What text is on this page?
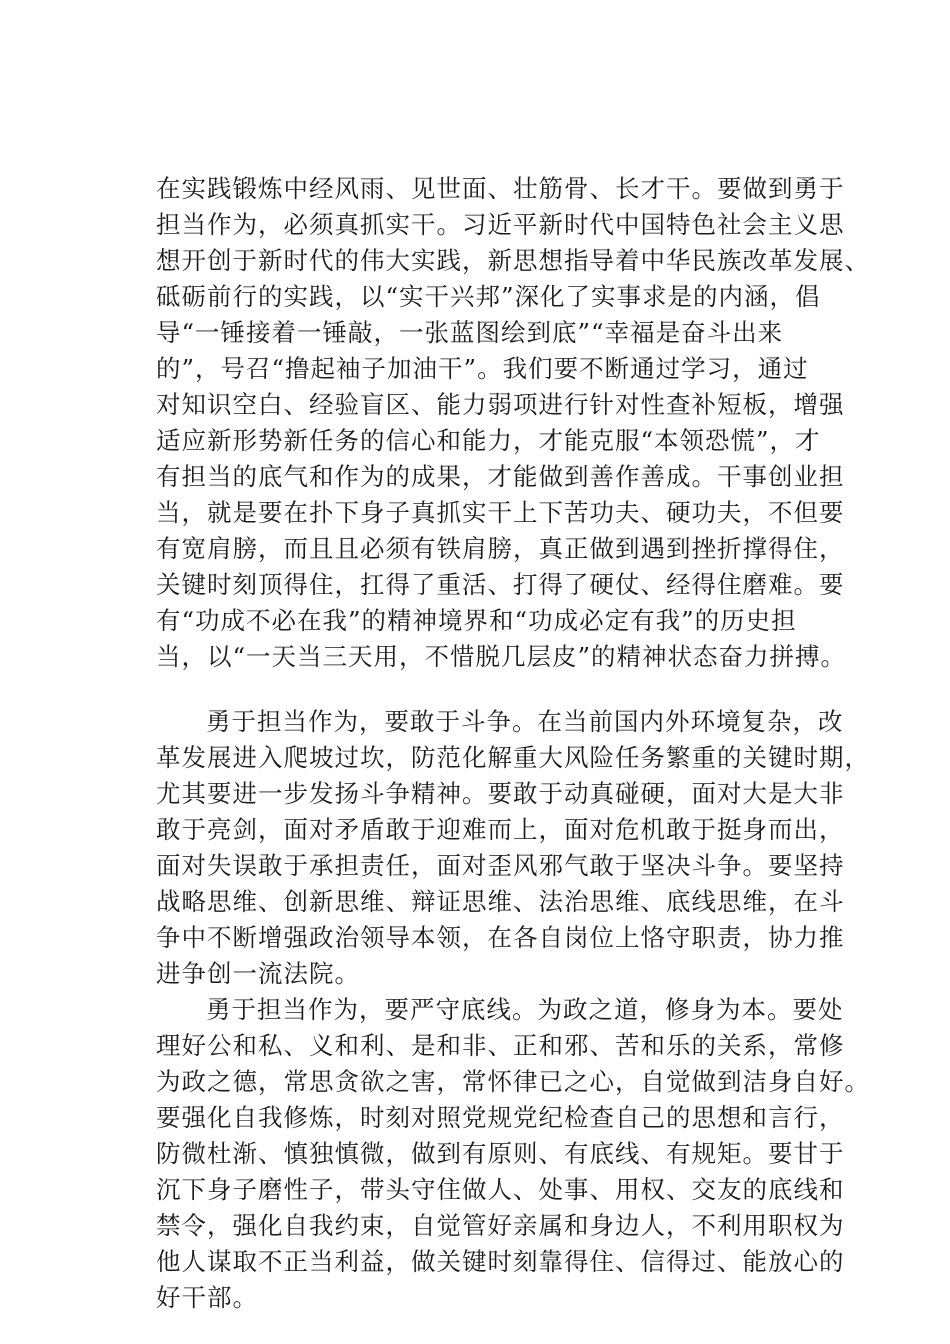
在实践锻炼中经风雨、见世面、壮筋骨、长才干。要做到勇于
担当作为，必须真抓实干。习近平新时代中国特色社会主义思
想开创于新时代的伟大实践，新思想指导着中华民族改革发展、
砥砺前行的实践，以“实干兴邦”深化了实事求是的内涵，倡
导“一锤接着一锤敲，一张蓝图绘到底”“幸福是奋斗出来
的”，号召“撸起袖子加油干”。我们要不断通过学习，通过
对知识空白、经验盲区、能力弱项进行针对性查补短板，增强
适应新形势新任务的信心和能力，才能克服“本领恐慌”，才
有担当的底气和作为的成果，才能做到善作善成。干事创业担
当，就是要在扑下身子真抓实干上下苦功夫、硬功夫，不但要
有宽肩膀，而且且必须有铁肩膀，真正做到遇到挫折撑得住，
关键时刻顶得住，扛得了重活、打得了硬仗、经得住磨难。要
有“功成不必在我”的精神境界和“功成必定有我”的历史担
当，以“一天当三天用，不惜脱几层皮”的精神状态奋力拼搏。
勇于担当作为，要敢于斗争。在当前国内外环境复杂，改
革发展进入爬坡过坎，防范化解重大风险任务繁重的关键时期，
尤其要进一步发扬斗争精神。要敢于动真碰硬，面对大是大非
敢于亮剑，面对矛盾敢于迎难而上，面对危机敢于挺身而出，
面对失误敢于承担责任，面对歪风邪气敢于坚决斗争。要坚持
战略思维、创新思维、辩证思维、法治思维、底线思维，在斗
争中不断增强政治领导本领，在各自岗位上恪守职责，协力推
进争创一流法院。
勇于担当作为，要严守底线。为政之道，修身为本。要处
理好公和私、义和利、是和非、正和邪、苦和乐的关系，常修
为政之德，常思贪欲之害，常怀律已之心，自觉做到洁身自好。
要强化自我修炼，时刻对照党规党纪检查自己的思想和言行，
防微杜渐、慎独慎微，做到有原则、有底线、有规矩。要甘于
沉下身子磨性子，带头守住做人、处事、用权、交友的底线和
禁令，强化自我约束，自觉管好亲属和身边人，不利用职权为
他人谋取不正当利益，做关键时刻靠得住、信得过、能放心的
好干部。
